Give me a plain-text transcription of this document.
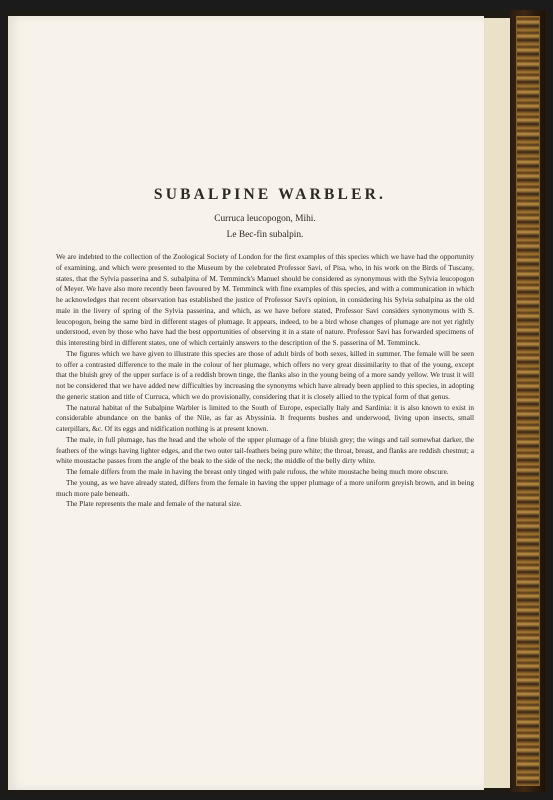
SUBALPINE WARBLER.
Curruca leucopogon, Mihi.
Le Bec-fin subalpin.

We are indebted to the collection of the Zoological Society of London for the first examples of this species which we have had the opportunity of examining, and which were presented to the Museum by the celebrated Professor Savi, of Pisa, who, in his work on the Birds of Tuscany, states, that the Sylvia passerina and S. subalpina of M. Temminck's Manuel should be considered as synonymous with the Sylvia leucopogon of Meyer. We have also more recently been favoured by M. Temminck with fine examples of this species, and with a communication in which he acknowledges that recent observation has established the justice of Professor Savi's opinion, in considering his Sylvia subalpina as the old male in the livery of spring of the Sylvia passerina, and which, as we have before stated, Professor Savi considers synonymous with S. leucopogon, being the same bird in different stages of plumage. It appears, indeed, to be a bird whose changes of plumage are not yet rightly understood, even by those who have had the best opportunities of observing it in a state of nature. Professor Savi has forwarded specimens of this interesting bird in different states, one of which certainly answers to the description of the S. passerina of M. Temminck.

The figures which we have given to illustrate this species are those of adult birds of both sexes, killed in summer. The female will be seen to offer a contrasted difference to the male in the colour of her plumage, which offers no very great dissimilarity to that of the young, except that the bluish grey of the upper surface is of a reddish brown tinge, the flanks also in the young being of a more sandy yellow. We trust it will not be considered that we have added new difficulties by increasing the synonyms which have already been applied to this species, in adopting the generic station and title of Curruca, which we do provisionally, considering that it is closely allied to the typical form of that genus.

The natural habitat of the Subalpine Warbler is limited to the South of Europe, especially Italy and Sardinia: it is also known to exist in considerable abundance on the banks of the Nile, as far as Abyssinia. It frequents bushes and underwood, living upon insects, small caterpillars, &c. Of its eggs and nidification nothing is at present known.

The male, in full plumage, has the head and the whole of the upper plumage of a fine bluish grey; the wings and tail somewhat darker, the feathers of the wings having lighter edges, and the two outer tail-feathers being pure white; the throat, breast, and flanks are reddish chestnut; a white moustache passes from the angle of the beak to the side of the neck; the middle of the belly dirty white.

The female differs from the male in having the breast only tinged with pale rufous, the white moustache being much more obscure.

The young, as we have already stated, differs from the female in having the upper plumage of a more uniform greyish brown, and in being much more pale beneath.

The Plate represents the male and female of the natural size.
